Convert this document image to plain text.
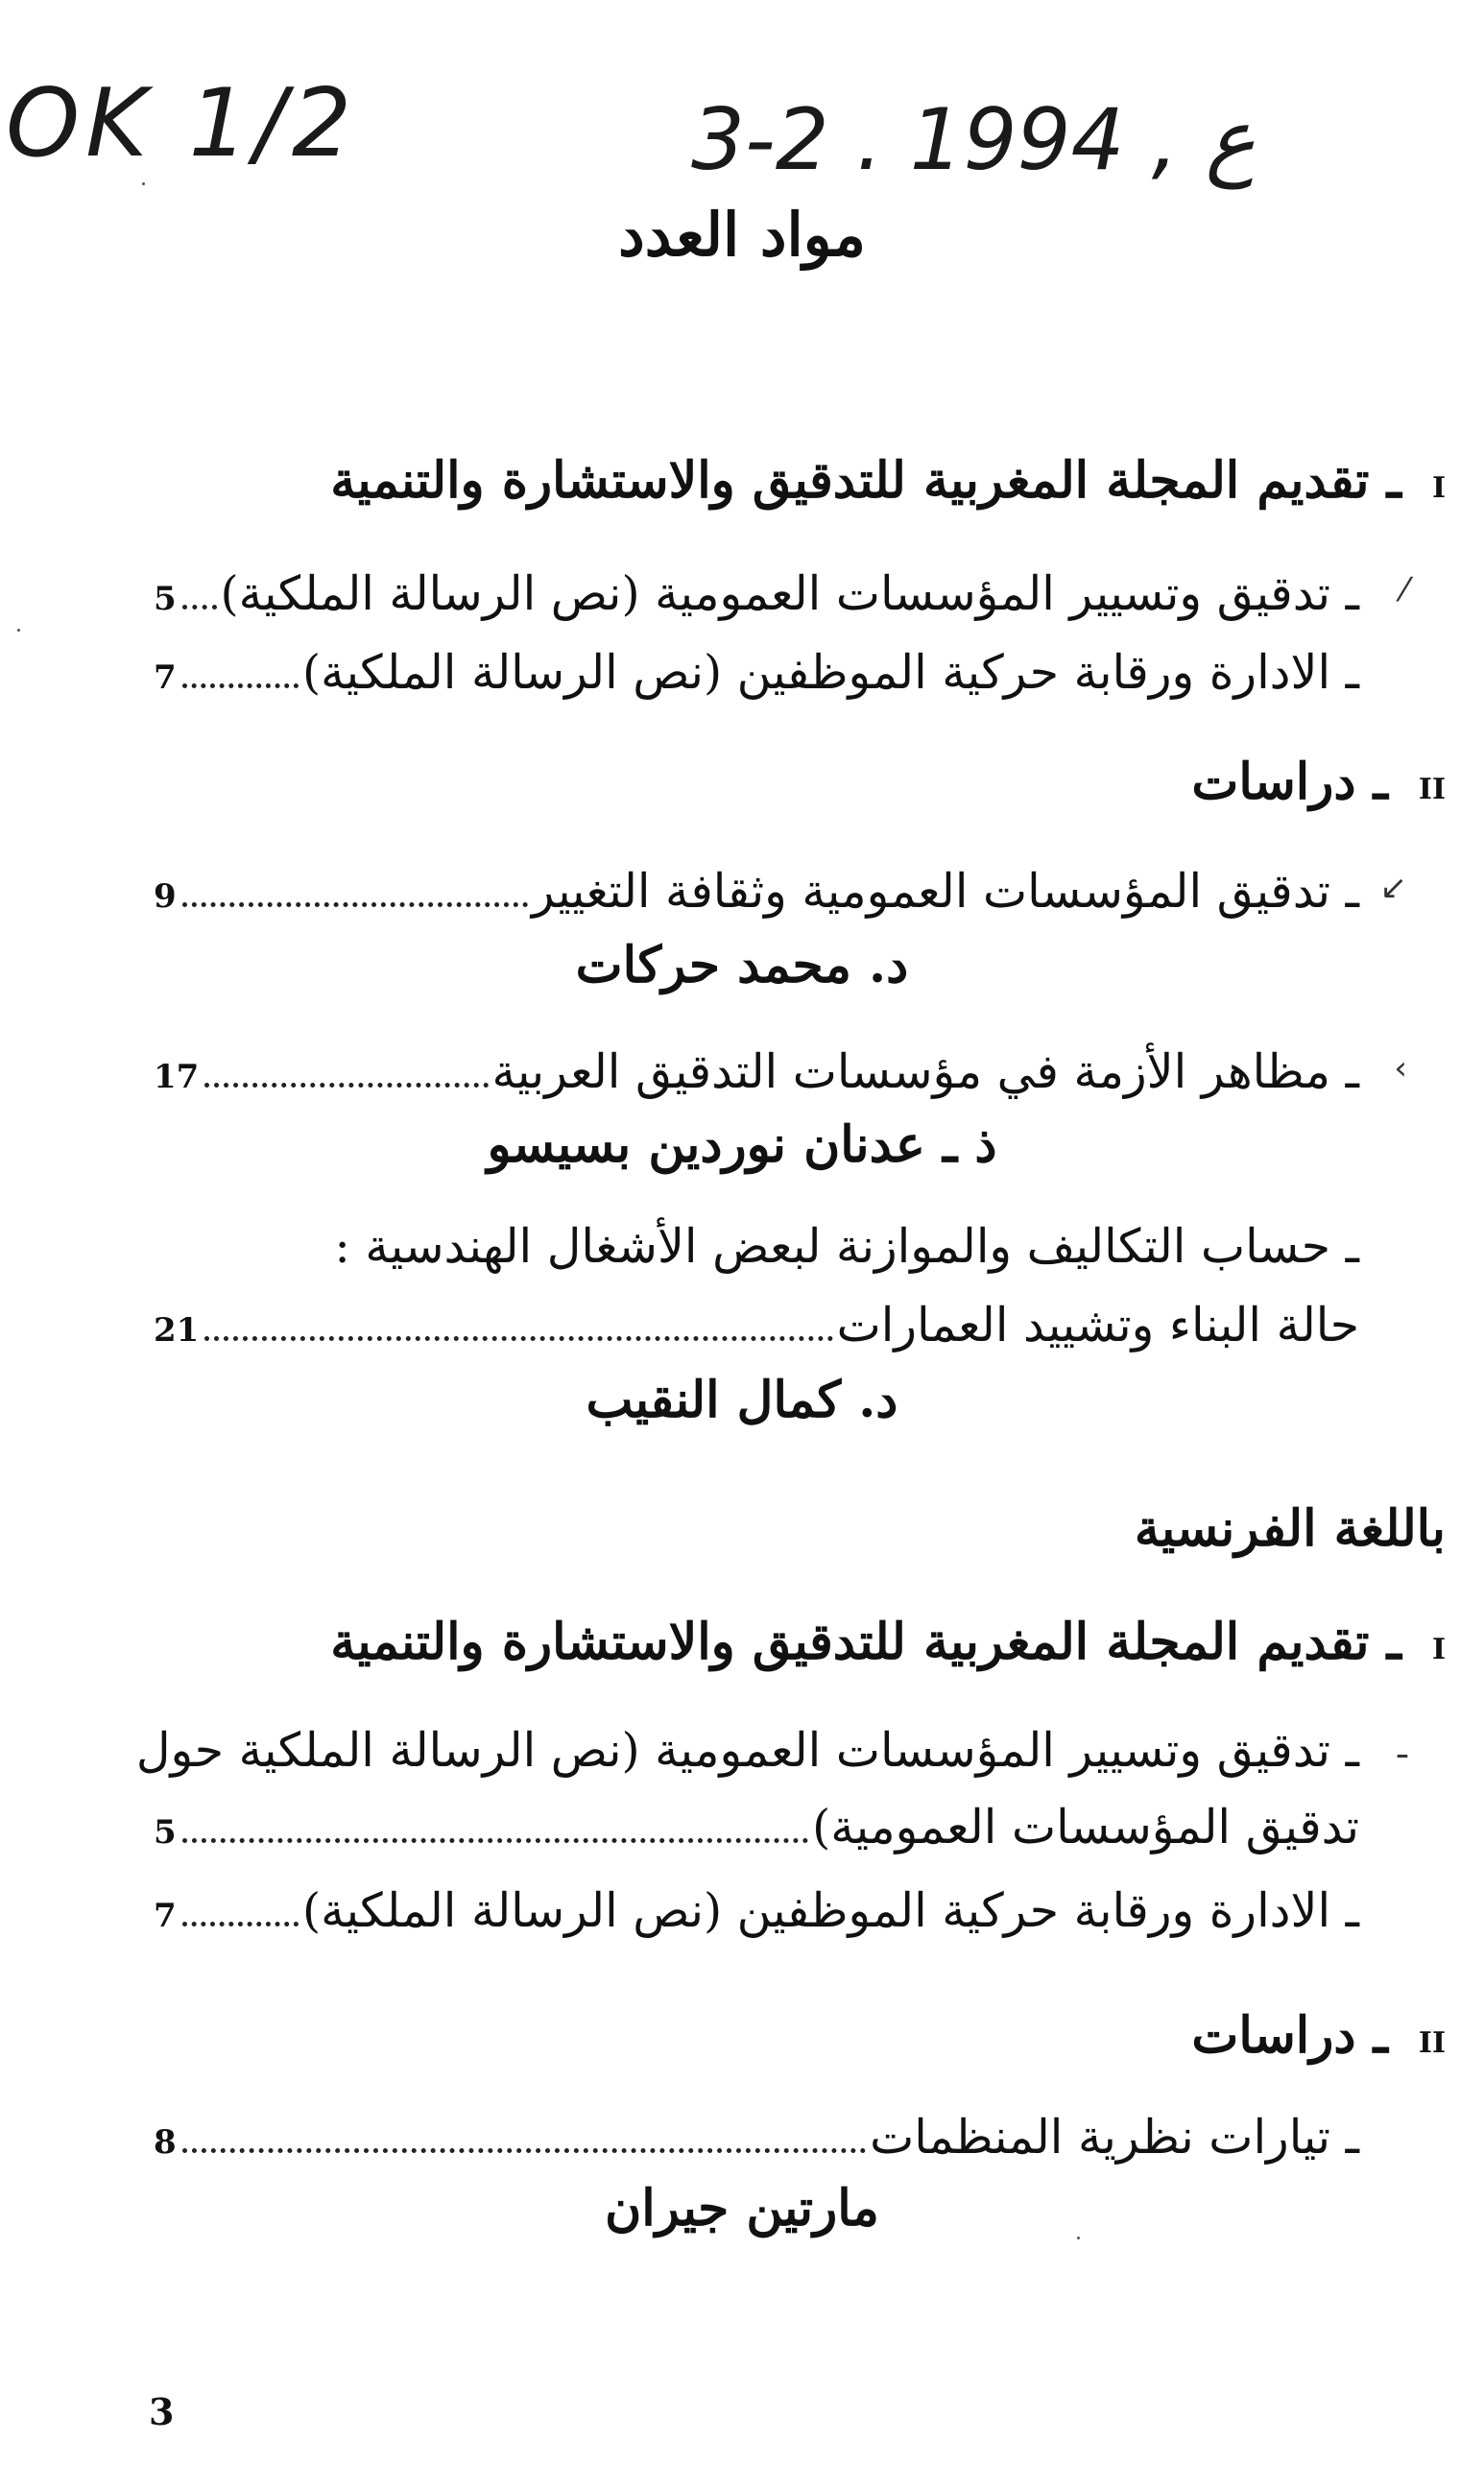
OK 1/2	3-2 . ع , 1994
مواد العدد
I ـ تقديم المجلة المغربية للتدقيق والاستشارة والتنمية
⁄
ـ تدقيق وتسيير المؤسسات العمومية (نص الرسالة الملكية)
5
ـ الادارة ورقابة حركية الموظفين (نص الرسالة الملكية)
7
II ـ دراسات
↙
ـ تدقيق المؤسسات العمومية وثقافة التغيير
9
د. محمد حركات
‹
ـ مظاهر الأزمة في مؤسسات التدقيق العربية
17
ذ ـ عدنان نوردين بسيسو
ـ حساب التكاليف والموازنة لبعض الأشغال الهندسية :
حالة البناء وتشييد العمارات
21
د. كمال النقيب
باللغة الفرنسية
I ـ تقديم المجلة المغربية للتدقيق والاستشارة والتنمية
ـ
ـ تدقيق وتسيير المؤسسات العمومية (نص الرسالة الملكية حول
تدقيق المؤسسات العمومية)
5
ـ الادارة ورقابة حركية الموظفين (نص الرسالة الملكية)
7
II ـ دراسات
ـ تيارات نظرية المنظمات
8
مارتين جيران
3
